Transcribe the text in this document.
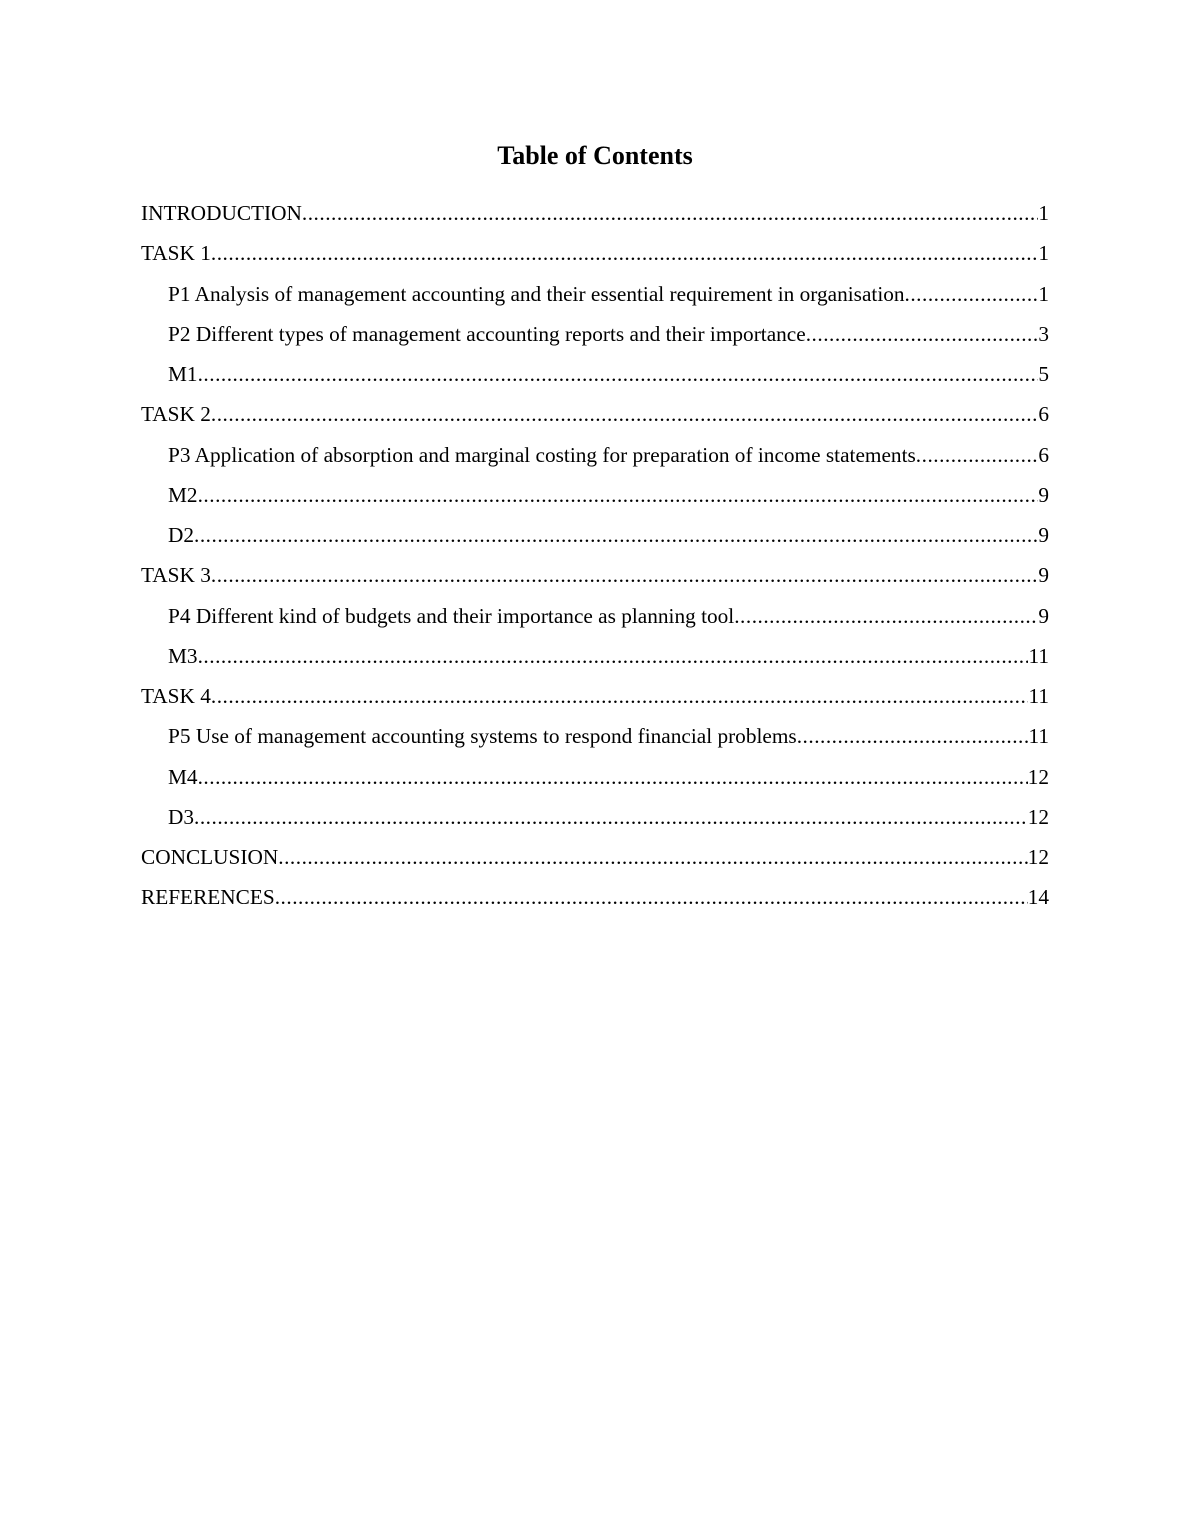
Table of Contents
INTRODUCTION .....	1
TASK 1 .....	1
P1 Analysis of management accounting and their essential requirement in organisation .....	1
P2 Different types of management accounting reports and their importance .....	3
M1 .....	5
TASK 2 .....	6
P3 Application of absorption and marginal costing for preparation of income statements .....	6
M2 .....	9
D2 .....	9
TASK 3 .....	9
P4 Different kind of budgets and their importance as planning tool .....	9
M3 .....	11
TASK 4 .....	11
P5 Use of management accounting systems to respond financial problems .....	11
M4 .....	12
D3 .....	12
CONCLUSION .....	12
REFERENCES .....	14
